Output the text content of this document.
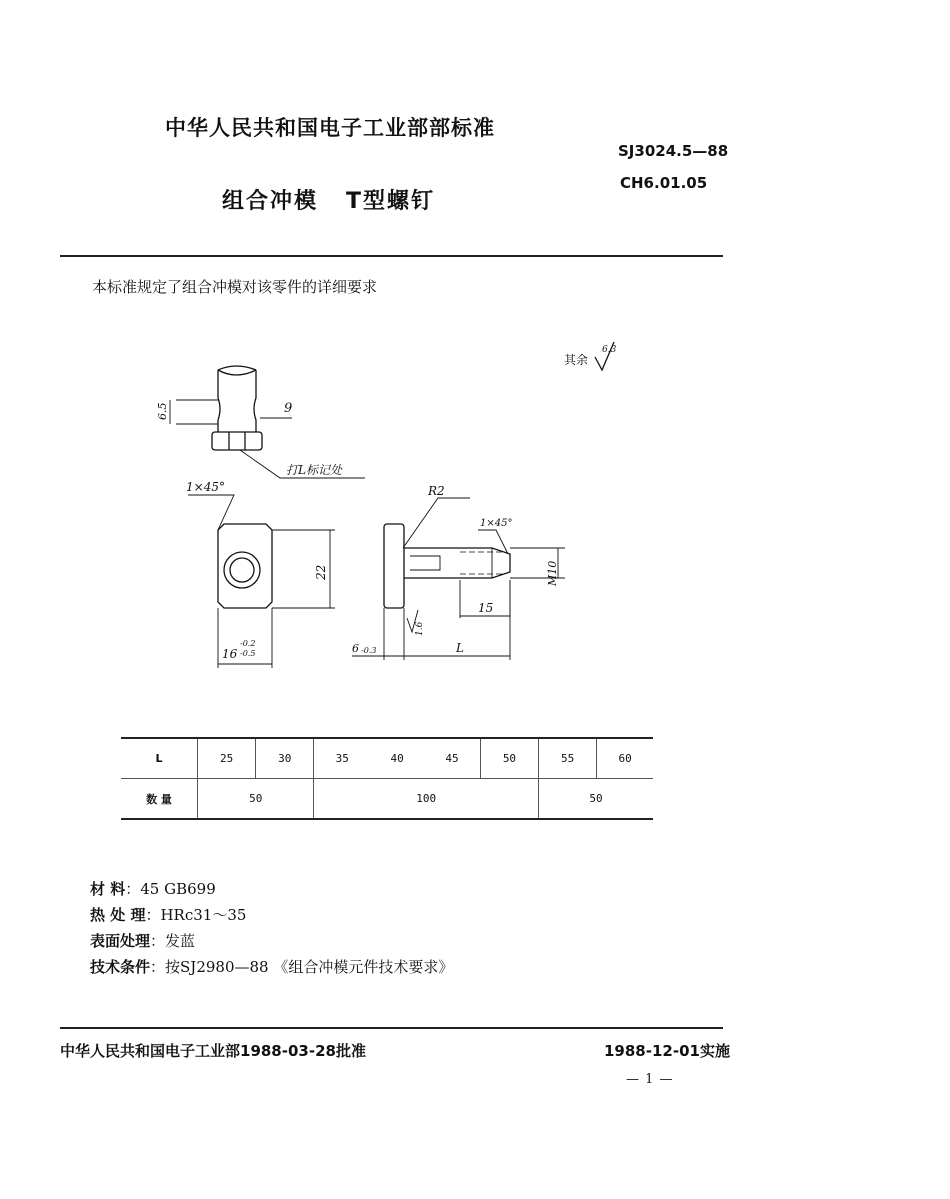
中华人民共和国电子工业部部标准
SJ3024.5—88
CH6.01.05
组合冲模 T型螺钉
本标准规定了组合冲模对该零件的详细要求
其余
6.3
6.5	9
打L标记处
1×45°
22
16
-0.2
-0.5
R2
1×45°
M10
15
1.6
6 -0.3	L
L	25	30	35	40	45	50	55	60
数 量	50		100				50	
材 料：45 GB699
热 处 理：HRc31～35
表面处理：发蓝
技术条件：按SJ2980—88 《组合冲模元件技术要求》
中华人民共和国电子工业部1988-03-28批准	1988-12-01实施
— 1 —
